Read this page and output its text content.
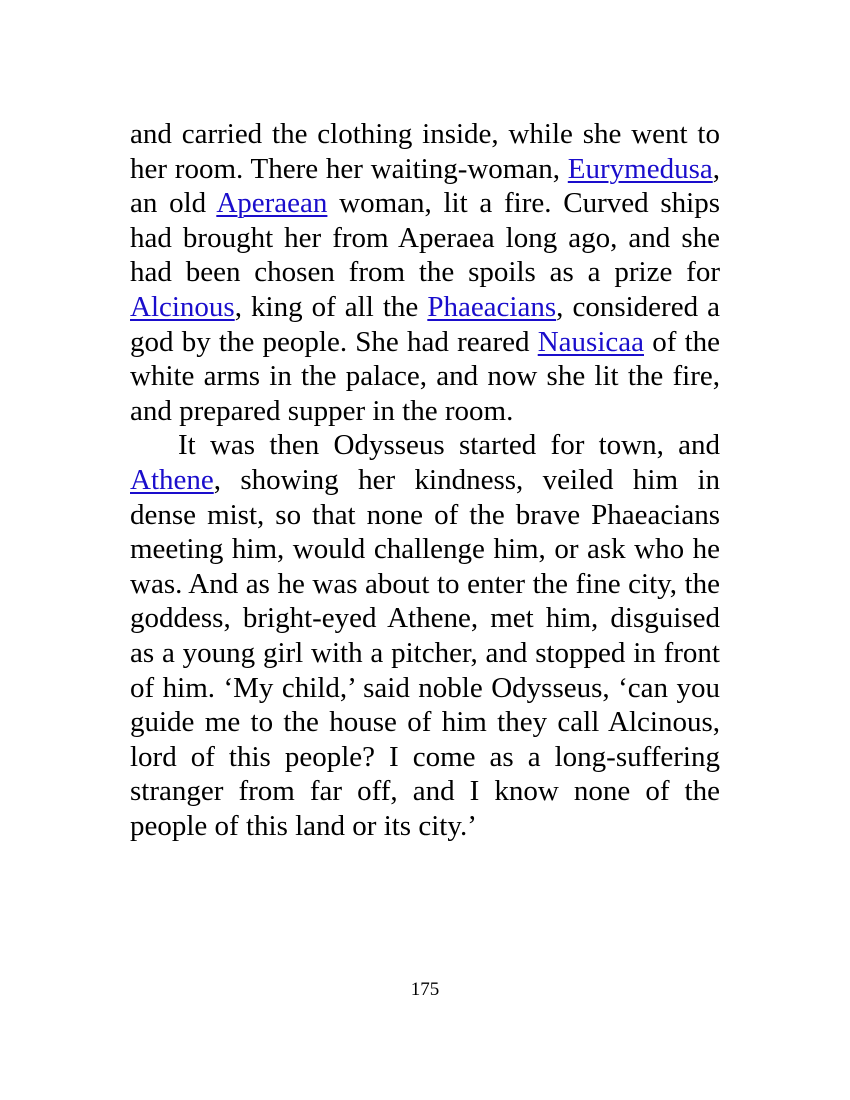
and carried the clothing inside, while she went to her room. There her waiting-woman, Eurymedusa, an old Aperaean woman, lit a fire. Curved ships had brought her from Aperaea long ago, and she had been chosen from the spoils as a prize for Alcinous, king of all the Phaeacians, considered a god by the people. She had reared Nausicaa of the white arms in the palace, and now she lit the fire, and prepared supper in the room.

It was then Odysseus started for town, and Athene, showing her kindness, veiled him in dense mist, so that none of the brave Phaeacians meeting him, would challenge him, or ask who he was. And as he was about to enter the fine city, the goddess, bright-eyed Athene, met him, disguised as a young girl with a pitcher, and stopped in front of him. ‘My child,’ said noble Odysseus, ‘can you guide me to the house of him they call Alcinous, lord of this people? I come as a long-suffering stranger from far off, and I know none of the people of this land or its city.’

175
